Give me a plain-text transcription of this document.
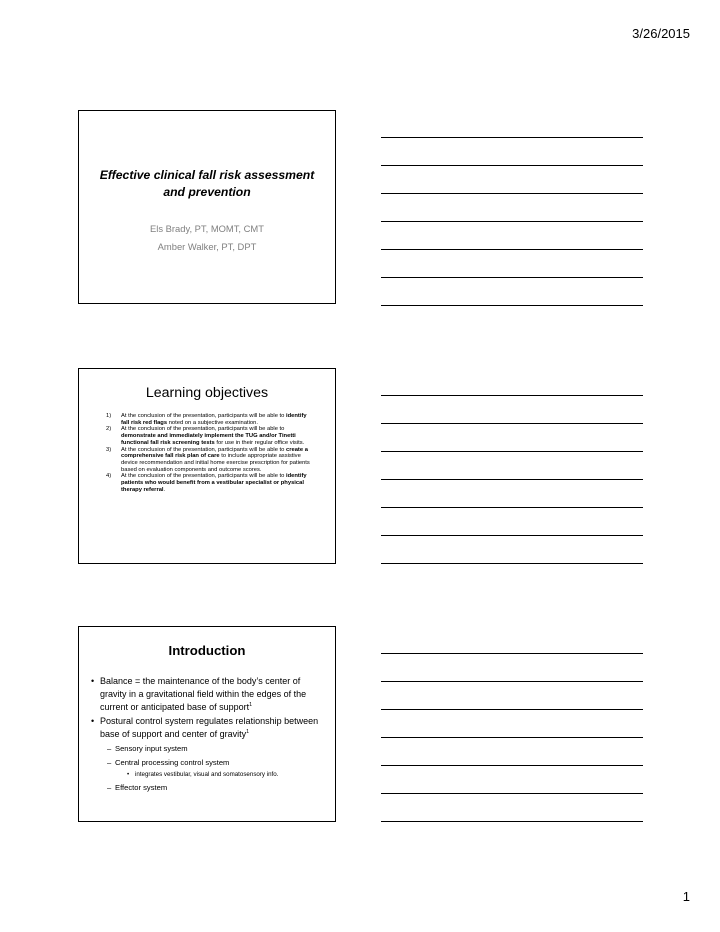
3/26/2015
Effective clinical fall risk assessment
and prevention
Els Brady, PT, MOMT, CMT
Amber Walker, PT, DPT
Learning objectives
1) At the conclusion of the presentation, participants will be able to identify fall risk red flags noted on a subjective examination.
2) At the conclusion of the presentation, participants will be able to demonstrate and immediately implement the TUG and/or Tinetti functional fall risk screening tests for use in their regular office visits.
3) At the conclusion of the presentation, participants will be able to create a comprehensive fall risk plan of care to include appropriate assistive device recommendation and initial home exercise prescription for patients based on evaluation components and outcome scores.
4) At the conclusion of the presentation, participants will be able to identify patients who would benefit from a vestibular specialist or physical therapy referral.
Introduction
• Balance = the maintenance of the body’s center of gravity in a gravitational field within the edges of the current or anticipated base of support$^1$
• Postural control system regulates relationship between base of support and center of gravity$^1$
– Sensory input system
– Central processing control system
• integrates vestibular, visual and somatosensory info.
– Effector system
1
